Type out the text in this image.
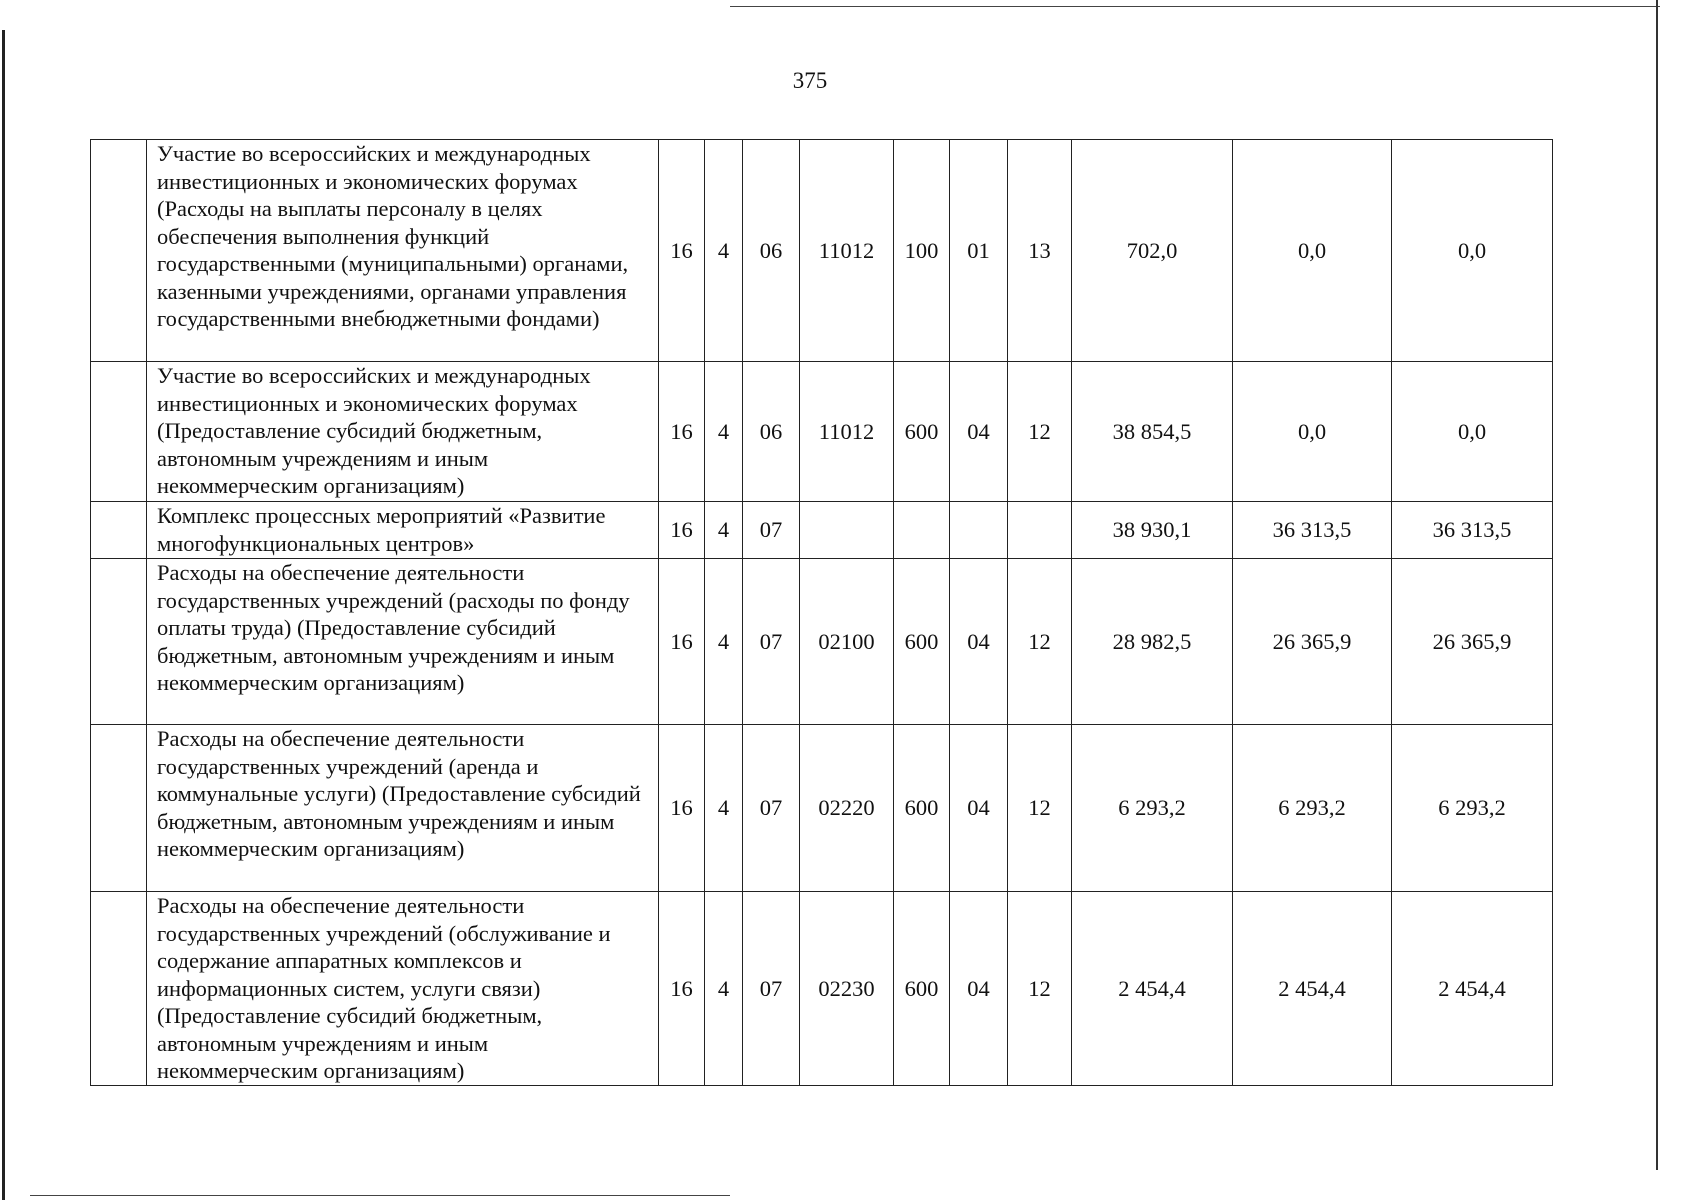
375
	Участие во всероссийских и международных инвестиционных и экономических форумах (Расходы на выплаты персоналу в целях обеспечения выполнения функций государственными (муниципальными) органами, казенными учреждениями, органами управления государственными внебюджетными фондами)	16	4	06	11012	100	01	13	702,0	0,0	0,0
	Участие во всероссийских и международных инвестиционных и экономических форумах (Предоставление субсидий бюджетным, автономным учреждениям и иным некоммерческим организациям)	16	4	06	11012	600	04	12	38 854,5	0,0	0,0
	Комплекс процессных мероприятий «Развитие многофункциональных центров»	16	4	07					38 930,1	36 313,5	36 313,5
	Расходы на обеспечение деятельности государственных учреждений (расходы по фонду оплаты труда) (Предоставление субсидий бюджетным, автономным учреждениям и иным некоммерческим организациям)	16	4	07	02100	600	04	12	28 982,5	26 365,9	26 365,9
	Расходы на обеспечение деятельности государственных учреждений (аренда и коммунальные услуги) (Предоставление субсидий бюджетным, автономным учреждениям и иным некоммерческим организациям)	16	4	07	02220	600	04	12	6 293,2	6 293,2	6 293,2
	Расходы на обеспечение деятельности государственных учреждений (обслуживание и содержание аппаратных комплексов и информационных систем, услуги связи) (Предоставление субсидий бюджетным, автономным учреждениям и иным некоммерческим организациям)	16	4	07	02230	600	04	12	2 454,4	2 454,4	2 454,4
